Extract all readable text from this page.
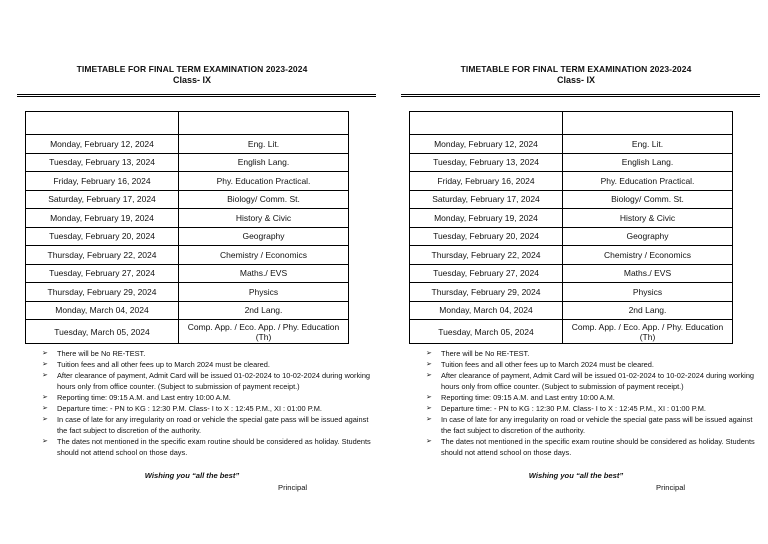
TIMETABLE FOR FINAL TERM EXAMINATION 2023-2024
Class- IX

Monday, February 12, 2024	Eng. Lit.
Tuesday, February 13, 2024	English Lang.
Friday, February 16, 2024	Phy. Education Practical.
Saturday, February 17, 2024	Biology/ Comm. St.
Monday, February 19, 2024	History & Civic
Tuesday, February 20, 2024	Geography
Thursday, February 22, 2024	Chemistry / Economics
Tuesday, February 27, 2024	Maths./ EVS
Thursday, February 29, 2024	Physics
Monday, March 04, 2024	2nd Lang.
Tuesday, March 05, 2024	Comp. App. / Eco. App. / Phy. Education (Th)
➢ There will be No RE-TEST.
➢ Tuition fees and all other fees up to March 2024 must be cleared.
➢ After clearance of payment, Admit Card will be issued 01-02-2024 to 10-02-2024 during working hours only from office counter. (Subject to submission of payment receipt.)
➢ Reporting time: 09:15 A.M. and Last entry 10:00 A.M.
➢ Departure time: - PN to KG : 12:30 P.M. Class- I to X : 12:45 P.M., XI : 01:00 P.M.
➢ In case of late for any irregularity on road or vehicle the special gate pass will be issued against the fact subject to discretion of the authority.
➢ The dates not mentioned in the specific exam routine should be considered as holiday. Students should not attend school on those days.
Wishing you “all the best”
Principal
TIMETABLE FOR FINAL TERM EXAMINATION 2023-2024
Class- IX

Monday, February 12, 2024	Eng. Lit.
Tuesday, February 13, 2024	English Lang.
Friday, February 16, 2024	Phy. Education Practical.
Saturday, February 17, 2024	Biology/ Comm. St.
Monday, February 19, 2024	History & Civic
Tuesday, February 20, 2024	Geography
Thursday, February 22, 2024	Chemistry / Economics
Tuesday, February 27, 2024	Maths./ EVS
Thursday, February 29, 2024	Physics
Monday, March 04, 2024	2nd Lang.
Tuesday, March 05, 2024	Comp. App. / Eco. App. / Phy. Education (Th)
➢ There will be No RE-TEST.
➢ Tuition fees and all other fees up to March 2024 must be cleared.
➢ After clearance of payment, Admit Card will be issued 01-02-2024 to 10-02-2024 during working hours only from office counter. (Subject to submission of payment receipt.)
➢ Reporting time: 09:15 A.M. and Last entry 10:00 A.M.
➢ Departure time: - PN to KG : 12:30 P.M. Class- I to X : 12:45 P.M., XI : 01:00 P.M.
➢ In case of late for any irregularity on road or vehicle the special gate pass will be issued against the fact subject to discretion of the authority.
➢ The dates not mentioned in the specific exam routine should be considered as holiday. Students should not attend school on those days.
Wishing you “all the best”
Principal
